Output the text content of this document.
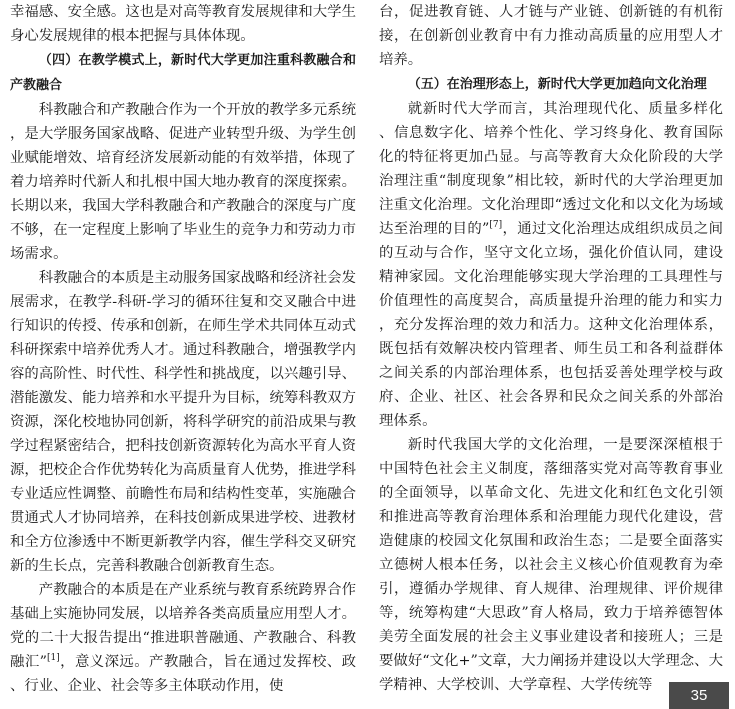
幸福感、安全感。这也是对高等教育发展规律和大学生身心发展规律的根本把握与具体体现。

（四）在教学模式上，新时代大学更加注重科教融合和产教融合

科教融合和产教融合作为一个开放的教学多元系统，是大学服务国家战略、促进产业转型升级、为学生创业赋能增效、培育经济发展新动能的有效举措，体现了着力培养时代新人和扎根中国大地办教育的深度探索。长期以来，我国大学科教融合和产教融合的深度与广度不够，在一定程度上影响了毕业生的竞争力和劳动力市场需求。

科教融合的本质是主动服务国家战略和经济社会发展需求，在教学-科研-学习的循环往复和交叉融合中进行知识的传授、传承和创新，在师生学术共同体互动式科研探索中培养优秀人才。通过科教融合，增强教学内容的高阶性、时代性、科学性和挑战度，以兴趣引导、潜能激发、能力培养和水平提升为目标，统筹科教双方资源，深化校地协同创新，将科学研究的前沿成果与教学过程紧密结合，把科技创新资源转化为高水平育人资源，把校企合作优势转化为高质量育人优势，推进学科专业适应性调整、前瞻性布局和结构性变革，实施融合贯通式人才协同培养，在科技创新成果进学校、进教材和全方位渗透中不断更新教学内容，催生学科交叉研究新的生长点，完善科教融合创新教育生态。

产教融合的本质是在产业系统与教育系统跨界合作基础上实施协同发展，以培养各类高质量应用型人才。党的二十大报告提出“推进职普融通、产教融合、科教融汇”[1]，意义深远。产教融合，旨在通过发挥校、政、行业、企业、社会等多主体联动作用，使

台，促进教育链、人才链与产业链、创新链的有机衔接，在创新创业教育中有力推动高质量的应用型人才培养。

（五）在治理形态上，新时代大学更加趋向文化治理

就新时代大学而言，其治理现代化、质量多样化、信息数字化、培养个性化、学习终身化、教育国际化的特征将更加凸显。与高等教育大众化阶段的大学治理注重“制度现象”相比较，新时代的大学治理更加注重文化治理。文化治理即“透过文化和以文化为场域达至治理的目的”[7]，通过文化治理达成组织成员之间的互动与合作，坚守文化立场，强化价值认同，建设精神家园。文化治理能够实现大学治理的工具理性与价值理性的高度契合，高质量提升治理的能力和实力，充分发挥治理的效力和活力。这种文化治理体系，既包括有效解决校内管理者、师生员工和各利益群体之间关系的内部治理体系，也包括妥善处理学校与政府、企业、社区、社会各界和民众之间关系的外部治理体系。

新时代我国大学的文化治理，一是要深深植根于中国特色社会主义制度，落细落实党对高等教育事业的全面领导，以革命文化、先进文化和红色文化引领和推进高等教育治理体系和治理能力现代化建设，营造健康的校园文化氛围和政治生态；二是要全面落实立德树人根本任务，以社会主义核心价值观教育为牵引，遵循办学规律、育人规律、治理规律、评价规律等，统筹构建“大思政”育人格局，致力于培养德智体美劳全面发展的社会主义事业建设者和接班人；三是要做好“文化+”文章，大力阐扬并建设以大学理念、大学精神、大学校训、大学章程、大学传统等

35
